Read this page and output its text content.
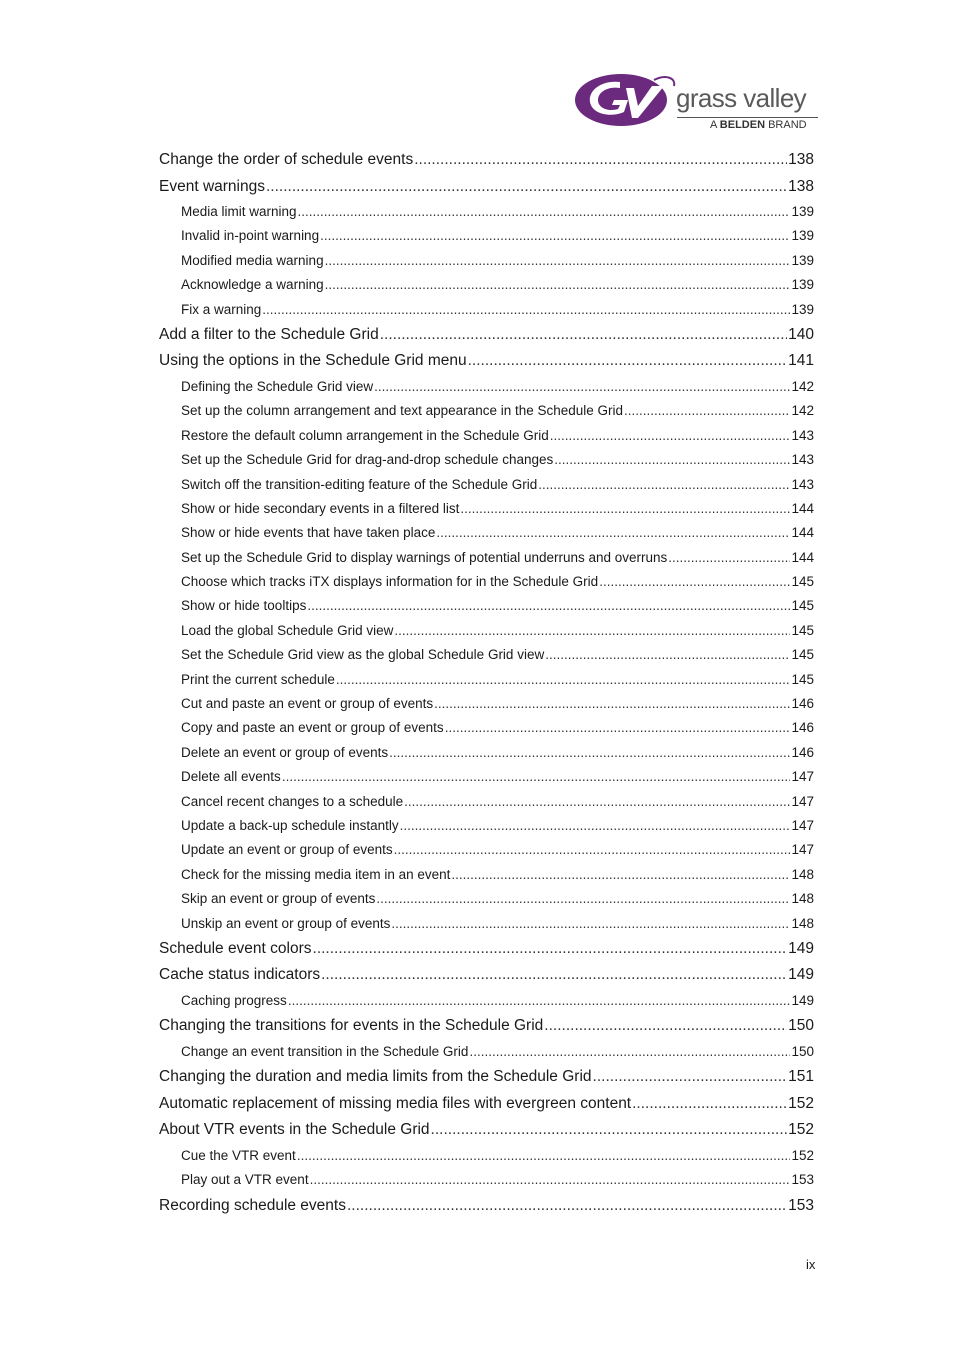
grass valley
A BELDEN BRAND
Change the order of schedule events .....	138
Event warnings .....	138
Media limit warning .....	139
Invalid in-point warning .....	139
Modified media warning .....	139
Acknowledge a warning .....	139
Fix a warning .....	139
Add a filter to the Schedule Grid .....	140
Using the options in the Schedule Grid menu .....	141
Defining the Schedule Grid view .....	142
Set up the column arrangement and text appearance in the Schedule Grid .....	142
Restore the default column arrangement in the Schedule Grid .....	143
Set up the Schedule Grid for drag-and-drop schedule changes .....	143
Switch off the transition-editing feature of the Schedule Grid .....	143
Show or hide secondary events in a filtered list .....	144
Show or hide events that have taken place .....	144
Set up the Schedule Grid to display warnings of potential underruns and overruns .....	144
Choose which tracks iTX displays information for in the Schedule Grid .....	145
Show or hide tooltips .....	145
Load the global Schedule Grid view .....	145
Set the Schedule Grid view as the global Schedule Grid view .....	145
Print the current schedule .....	145
Cut and paste an event or group of events .....	146
Copy and paste an event or group of events .....	146
Delete an event or group of events .....	146
Delete all events .....	147
Cancel recent changes to a schedule .....	147
Update a back-up schedule instantly .....	147
Update an event or group of events .....	147
Check for the missing media item in an event .....	148
Skip an event or group of events .....	148
Unskip an event or group of events .....	148
Schedule event colors .....	149
Cache status indicators .....	149
Caching progress .....	149
Changing the transitions for events in the Schedule Grid .....	150
Change an event transition in the Schedule Grid .....	150
Changing the duration and media limits from the Schedule Grid .....	151
Automatic replacement of missing media files with evergreen content .....	152
About VTR events in the Schedule Grid .....	152
Cue the VTR event .....	152
Play out a VTR event .....	153
Recording schedule events .....	153
ix
